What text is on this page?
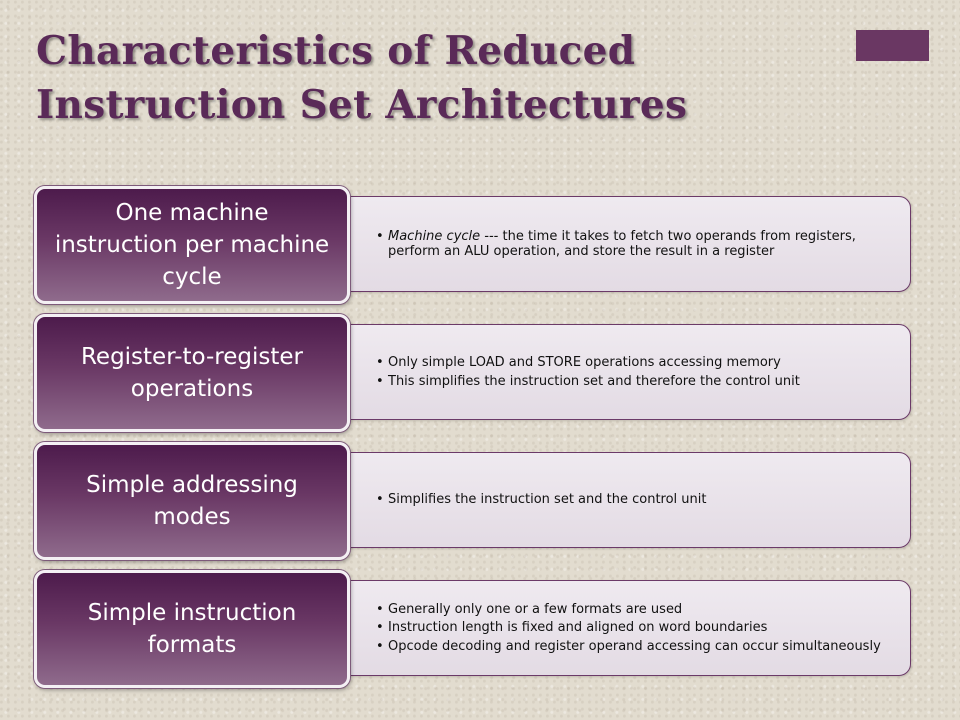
Characteristics of Reduced
Instruction Set Architectures
• Machine cycle --- the time it takes to fetch two operands from registers, perform an ALU operation, and store the result in a register
One machine instruction per machine cycle
• Only simple LOAD and STORE operations accessing memory
• This simplifies the instruction set and therefore the control unit
Register-to-register operations
• Simplifies the instruction set and the control unit
Simple addressing modes
• Generally only one or a few formats are used
• Instruction length is fixed and aligned on word boundaries
• Opcode decoding and register operand accessing can occur simultaneously
Simple instruction formats
